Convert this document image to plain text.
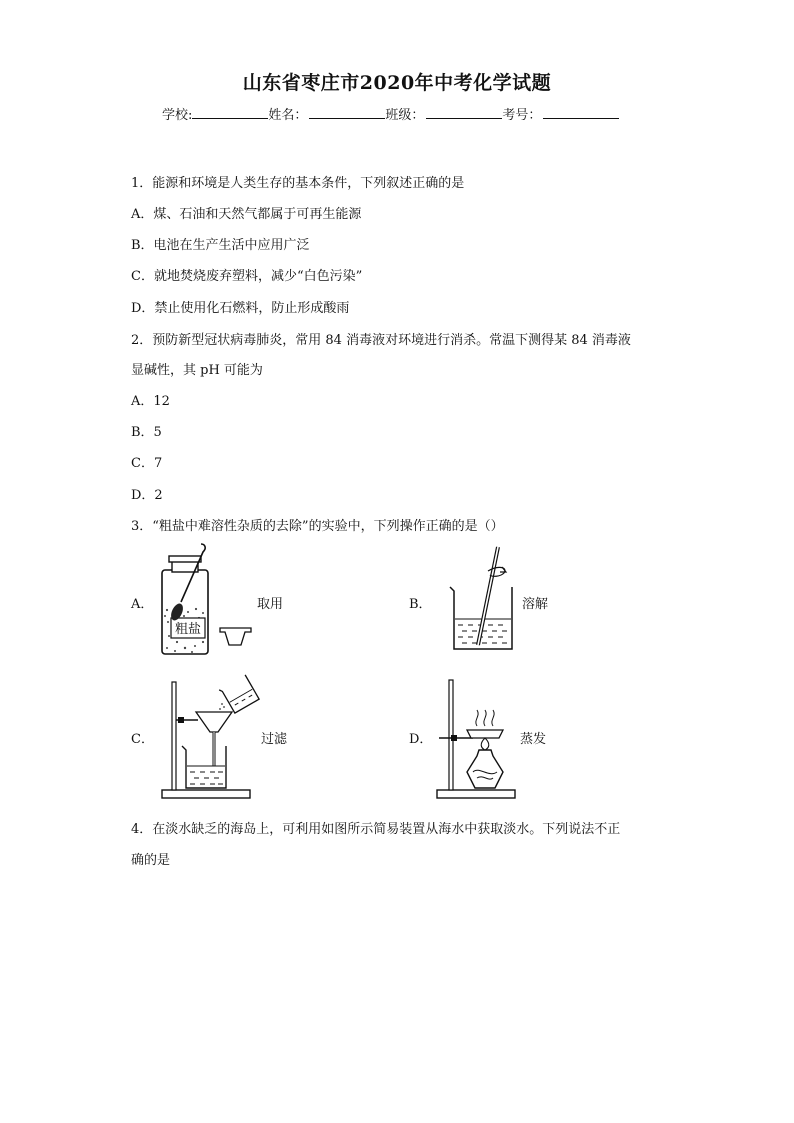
山东省枣庄市2020年中考化学试题
学校:	姓名：	班级：	考号：
1．能源和环境是人类生存的基本条件，下列叙述正确的是
A．煤、石油和天然气都属于可再生能源
B．电池在生产生活中应用广泛
C．就地焚烧废弃塑料，减少“白色污染”
D．禁止使用化石燃料，防止形成酸雨
2．预防新型冠状病毒肺炎，常用 84 消毒液对环境进行消杀。常温下测得某 84 消毒液
显碱性，其 pH 可能为
A．12
B．5
C．7
D．2
3．“粗盐中难溶性杂质的去除”的实验中，下列操作正确的是（）
A．
粗盐
取用	B．	溶解
C．	过滤	D．	蒸发
4．在淡水缺乏的海岛上，可利用如图所示简易装置从海水中获取淡水。下列说法不正
确的是
